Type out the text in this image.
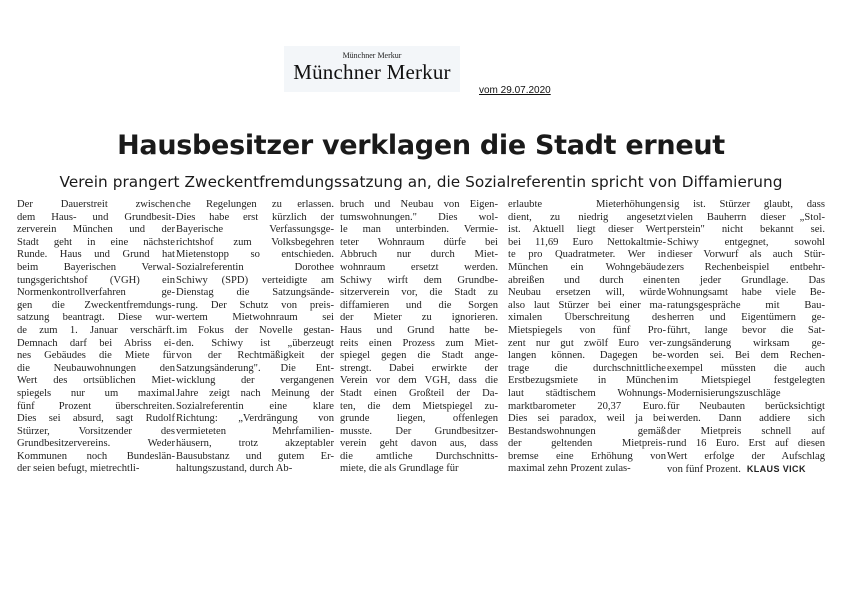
Münchner Merkur
Münchner Merkur
vom 29.07.2020
Hausbesitzer verklagen die Stadt erneut
Verein prangert Zweckentfremdungssatzung an, die Sozialreferentin spricht von Diffamierung
Der Dauerstreit zwischen
dem Haus- und Grundbesit-
zerverein München und der
Stadt geht in eine nächste
Runde. Haus und Grund hat
beim Bayerischen Verwal-
tungsgerichtshof (VGH) ein
Normenkontrollverfahren ge-
gen die Zweckentfremdungs-
satzung beantragt. Diese wur-
de zum 1. Januar verschärft.
Demnach darf bei Abriss ei-
nes Gebäudes die Miete für
die Neubauwohnungen den
Wert des ortsüblichen Miet-
spiegels nur um maximal
fünf Prozent überschreiten.
Dies sei absurd, sagt Rudolf
Stürzer, Vorsitzender des
Grundbesitzervereins. Weder
Kommunen noch Bundeslän-
der seien befugt, mietrechtli-
che Regelungen zu erlassen.
Dies habe erst kürzlich der
Bayerische Verfassungsge-
richtshof zum Volksbegehren
Mietenstopp so entschieden.
Sozialreferentin Dorothee
Schiwy (SPD) verteidigte am
Dienstag die Satzungsände-
rung. Der Schutz von preis-
wertem Mietwohnraum sei
im Fokus der Novelle gestan-
den. Schiwy ist „überzeugt
von der Rechtmäßigkeit der
Satzungsänderung". Die Ent-
wicklung der vergangenen
Jahre zeigt nach Meinung der
Sozialreferentin eine klare
Richtung: „Verdrängung von
vermieteten Mehrfamilien-
häusern, trotz akzeptabler
Bausubstanz und gutem Er-
haltungszustand, durch Ab-
bruch und Neubau von Eigen-
tumswohnungen." Dies wol-
le man unterbinden. Vermie-
teter Wohnraum dürfe bei
Abbruch nur durch Miet-
wohnraum ersetzt werden.
Schiwy wirft dem Grundbe-
sitzerverein vor, die Stadt zu
diffamieren und die Sorgen
der Mieter zu ignorieren.
Haus und Grund hatte be-
reits einen Prozess zum Miet-
spiegel gegen die Stadt ange-
strengt. Dabei erwirkte der
Verein vor dem VGH, dass die
Stadt einen Großteil der Da-
ten, die dem Mietspiegel zu-
grunde liegen, offenlegen
musste. Der Grundbesitzer-
verein geht davon aus, dass
die amtliche Durchschnitts-
miete, die als Grundlage für
erlaubte Mieterhöhungen
dient, zu niedrig angesetzt
ist. Aktuell liegt dieser Wert
bei 11,69 Euro Nettokaltmie-
te pro Quadratmeter. Wer in
München ein Wohngebäude
abreißen und durch einen
Neubau ersetzen will, würde
also laut Stürzer bei einer ma-
ximalen Überschreitung des
Mietspiegels von fünf Pro-
zent nur gut zwölf Euro ver-
langen können. Dagegen be-
trage die durchschnittliche
Erstbezugsmiete in München
laut städtischem Wohnungs-
marktbarometer 20,37 Euro.
Dies sei paradox, weil ja bei
Bestandswohnungen gemäß
der geltenden Mietpreis-
bremse eine Erhöhung von
maximal zehn Prozent zulas-
sig ist. Stürzer glaubt, dass
vielen Bauherrn dieser „Stol-
perstein" nicht bekannt sei.
Schiwy entgegnet, sowohl
dieser Vorwurf als auch Stür-
zers Rechenbeispiel entbehr-
ten jeder Grundlage. Das
Wohnungsamt habe viele Be-
ratungsgespräche mit Bau-
herren und Eigentümern ge-
führt, lange bevor die Sat-
zungsänderung wirksam ge-
worden sei. Bei dem Rechen-
exempel müssten die auch
im Mietspiegel festgelegten
Modernisierungszuschläge
für Neubauten berücksichtigt
werden. Dann addiere sich
der Mietpreis schnell auf
rund 16 Euro. Erst auf diesen
Wert erfolge der Aufschlag
von fünf Prozent. KLAUS VICK
